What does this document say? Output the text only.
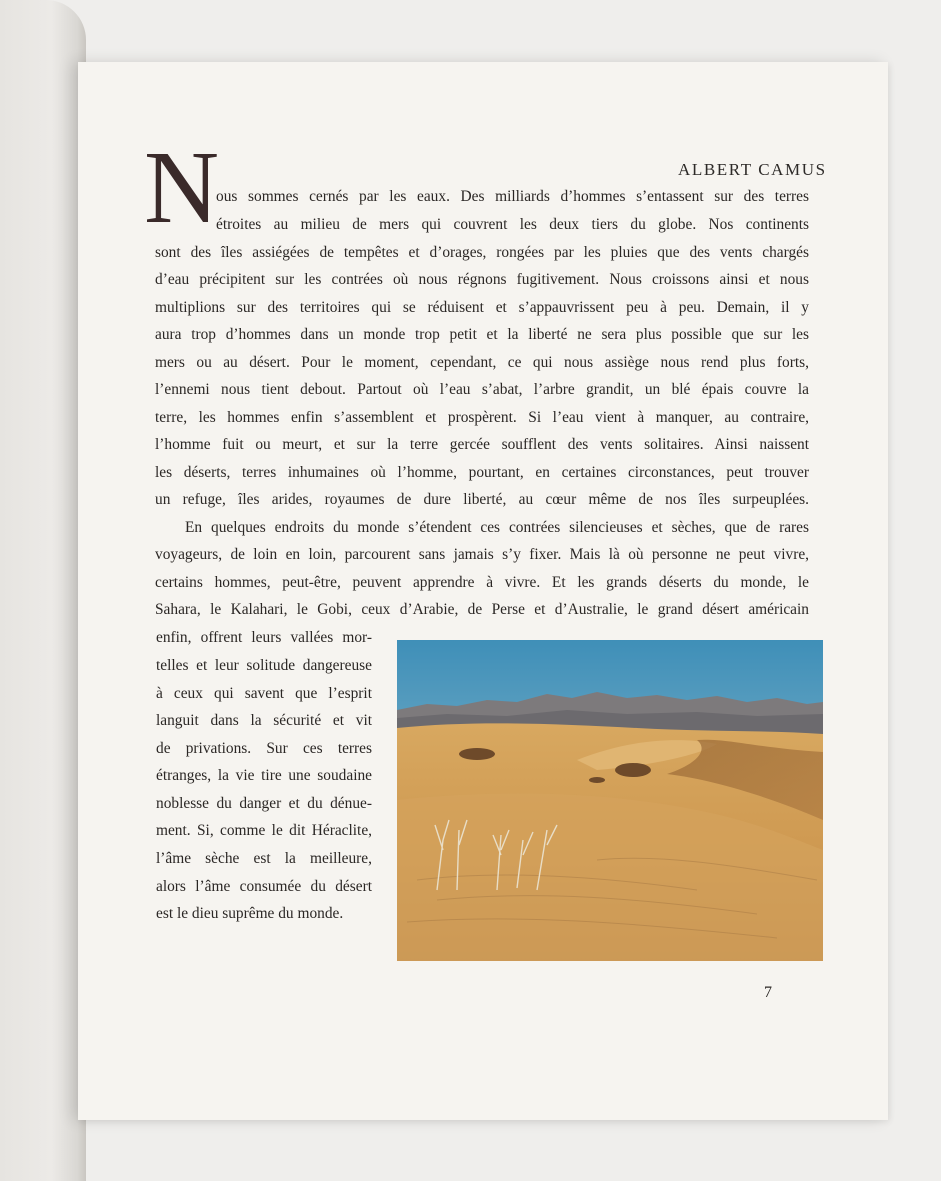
ALBERT CAMUS
N
ous sommes cernés par les eaux. Des milliards d’hommes s’entassent sur des terres
étroites au milieu de mers qui couvrent les deux tiers du globe. Nos continents
sont des îles assiégées de tempêtes et d’orages, rongées par les pluies que des vents chargés
d’eau précipitent sur les contrées où nous régnons fugitivement. Nous croissons ainsi et nous
multiplions sur des territoires qui se réduisent et s’appauvrissent peu à peu. Demain, il y
aura trop d’hommes dans un monde trop petit et la liberté ne sera plus possible que sur les
mers ou au désert. Pour le moment, cependant, ce qui nous assiège nous rend plus forts,
l’ennemi nous tient debout. Partout où l’eau s’abat, l’arbre grandit, un blé épais couvre la
terre, les hommes enfin s’assemblent et prospèrent. Si l’eau vient à manquer, au contraire,
l’homme fuit ou meurt, et sur la terre gercée soufflent des vents solitaires. Ainsi naissent
les déserts, terres inhumaines où l’homme, pourtant, en certaines circonstances, peut trouver
un refuge, îles arides, royaumes de dure liberté, au cœur même de nos îles surpeuplées.
En quelques endroits du monde s’étendent ces contrées silencieuses et sèches, que de rares
voyageurs, de loin en loin, parcourent sans jamais s’y fixer. Mais là où personne ne peut vivre,
certains hommes, peut-être, peuvent apprendre à vivre. Et les grands déserts du monde, le
Sahara, le Kalahari, le Gobi, ceux d’Arabie, de Perse et d’Australie, le grand désert américain
enfin, offrent leurs vallées mor-
telles et leur solitude dangereuse
à ceux qui savent que l’esprit
languit dans la sécurité et vit
de privations. Sur ces terres
étranges, la vie tire une soudaine
noblesse du danger et du dénue-
ment. Si, comme le dit Héraclite,
l’âme sèche est la meilleure,
alors l’âme consumée du désert
est le dieu suprême du monde.
7
